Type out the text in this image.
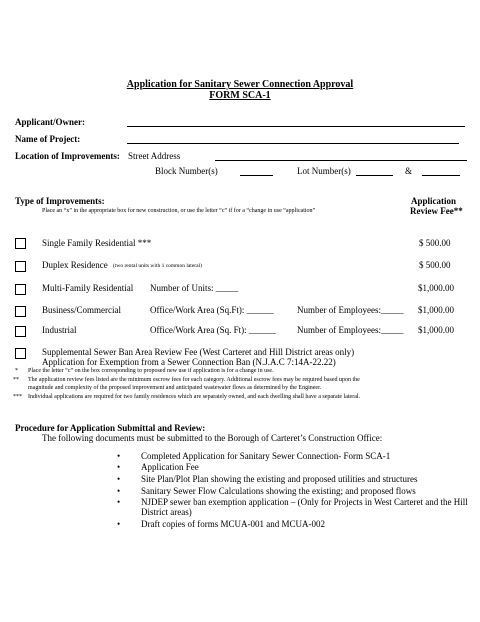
Application for Sanitary Sewer Connection Approval
FORM SCA-1
Applicant/Owner:
Name of Project:
Location of Improvements: Street Address
Block Number(s)	Lot Number(s)	&
Type of Improvements:
Place an “x” in the appropriate box for new construction, or use the letter “c” if for a “change in use “application”
Application
Review Fee**
Single Family Residential ***	$ 500.00
Duplex Residence (two rental units with 1 common lateral)	$ 500.00
Multi-Family Residential Number of Units: _____	$1,000.00
Business/Commercial	Office/Work Area (Sq.Ft): ______	Number of Employees:_____ $1,000.00
Industrial	Office/Work Area (Sq. Ft): ______ Number of Employees:_____ $1,000.00
Supplemental Sewer Ban Area Review Fee (West Carteret and Hill District areas only)
Application for Exemption from a Sewer Connection Ban (N.J.A.C 7:14A-22.22)
* Place the letter “c” on the box corresponding to proposed new use if application is for a change in use.
** The application review fees listed are the minimum escrow fees for each category. Additional escrow fees may be required based upon the
magnitude and complexity of the proposed improvement and anticipated wastewater flows as determined by the Engineer.
*** Individual applications are required for two family residences which are separately owned, and each dwelling shall have a separate lateral.
Procedure for Application Submittal and Review:
The following documents must be submitted to the Borough of Carteret’s Construction Office:
• Completed Application for Sanitary Sewer Connection- Form SCA-1
• Application Fee
• Site Plan/Plot Plan showing the existing and proposed utilities and structures
• Sanitary Sewer Flow Calculations showing the existing; and proposed flows
• NJDEP sewer ban exemption application – (Only for Projects in West Carteret and the Hill
District areas)
• Draft copies of forms MCUA-001 and MCUA-002
